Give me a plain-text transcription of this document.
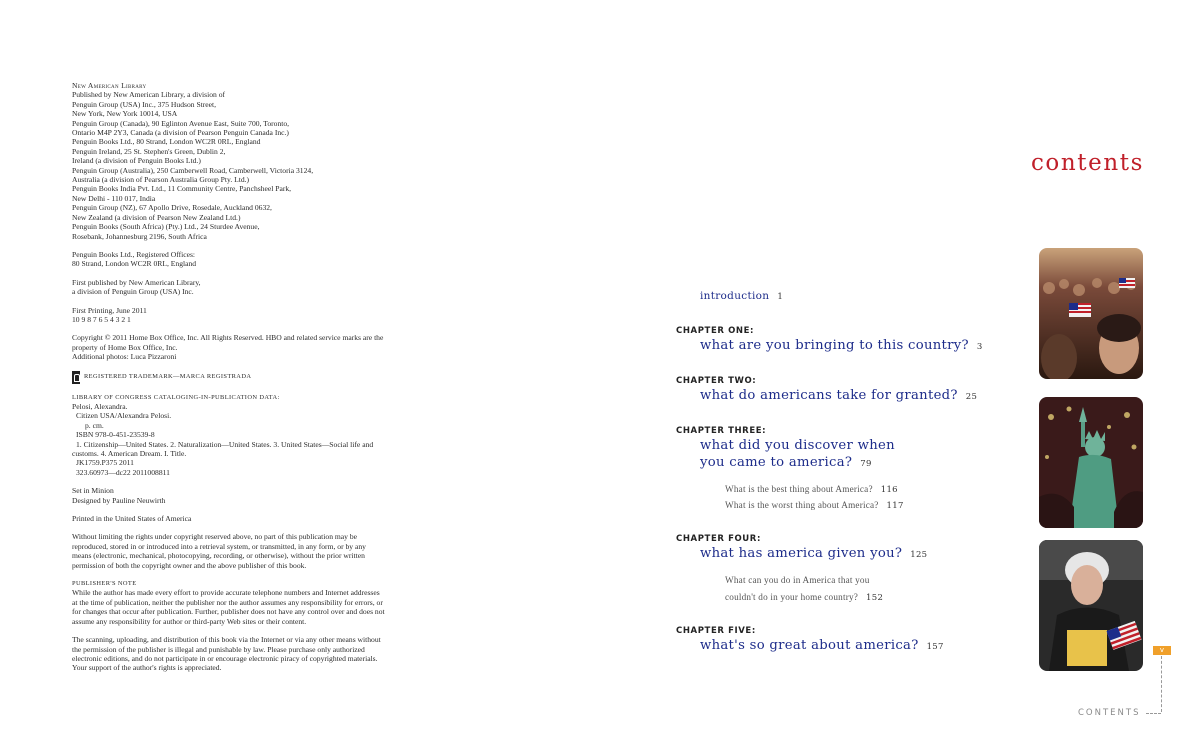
New American Library
Published by New American Library, a division of
Penguin Group (USA) Inc., 375 Hudson Street,
New York, New York 10014, USA
Penguin Group (Canada), 90 Eglinton Avenue East, Suite 700, Toronto,
Ontario M4P 2Y3, Canada (a division of Pearson Penguin Canada Inc.)
Penguin Books Ltd., 80 Strand, London WC2R 0RL, England
Penguin Ireland, 25 St. Stephen's Green, Dublin 2,
Ireland (a division of Penguin Books Ltd.)
Penguin Group (Australia), 250 Camberwell Road, Camberwell, Victoria 3124,
Australia (a division of Pearson Australia Group Pty. Ltd.)
Penguin Books India Pvt. Ltd., 11 Community Centre, Panchsheel Park,
New Delhi - 110 017, India
Penguin Group (NZ), 67 Apollo Drive, Rosedale, Auckland 0632,
New Zealand (a division of Pearson New Zealand Ltd.)
Penguin Books (South Africa) (Pty.) Ltd., 24 Sturdee Avenue,
Rosebank, Johannesburg 2196, South Africa
Penguin Books Ltd., Registered Offices:
80 Strand, London WC2R 0RL, England
First published by New American Library,
a division of Penguin Group (USA) Inc.
First Printing, June 2011
10 9 8 7 6 5 4 3 2 1
Copyright © 2011 Home Box Office, Inc. All Rights Reserved. HBO and related service marks are the
property of Home Box Office, Inc.
Additional photos: Luca Pizzaroni
REGISTERED TRADEMARK—MARCA REGISTRADA
LIBRARY OF CONGRESS CATALOGING-IN-PUBLICATION DATA:
Pelosi, Alexandra.
Citizen USA/Alexandra Pelosi.
p. cm.
ISBN 978-0-451-23539-8
1. Citizenship—United States. 2. Naturalization—United States. 3. United States—Social life and
customs. 4. American Dream. I. Title.
JK1759.P375 2011
323.60973—dc22 2011008811
Set in Minion
Designed by Pauline Neuwirth
Printed in the United States of America
Without limiting the rights under copyright reserved above, no part of this publication may be
reproduced, stored in or introduced into a retrieval system, or transmitted, in any form, or by any
means (electronic, mechanical, photocopying, recording, or otherwise), without the prior written
permission of both the copyright owner and the above publisher of this book.
PUBLISHER'S NOTE
While the author has made every effort to provide accurate telephone numbers and Internet addresses
at the time of publication, neither the publisher nor the author assumes any responsibility for errors, or
for changes that occur after publication. Further, publisher does not have any control over and does not
assume any responsibility for author or third-party Web sites or their content.
The scanning, uploading, and distribution of this book via the Internet or via any other means without
the permission of the publisher is illegal and punishable by law. Please purchase only authorized
electronic editions, and do not participate in or encourage electronic piracy of copyrighted materials.
Your support of the author's rights is appreciated.
contents
introduction 1
CHAPTER ONE:
what are you bringing to this country? 3
CHAPTER TWO:
what do americans take for granted? 25
CHAPTER THREE:
what did you discover when
you came to america? 79
What is the best thing about America? 116
What is the worst thing about America? 117
CHAPTER FOUR:
what has america given you? 125
What can you do in America that you
couldn't do in your home country? 152
CHAPTER FIVE:
what's so great about america? 157	v
CONTENTS
